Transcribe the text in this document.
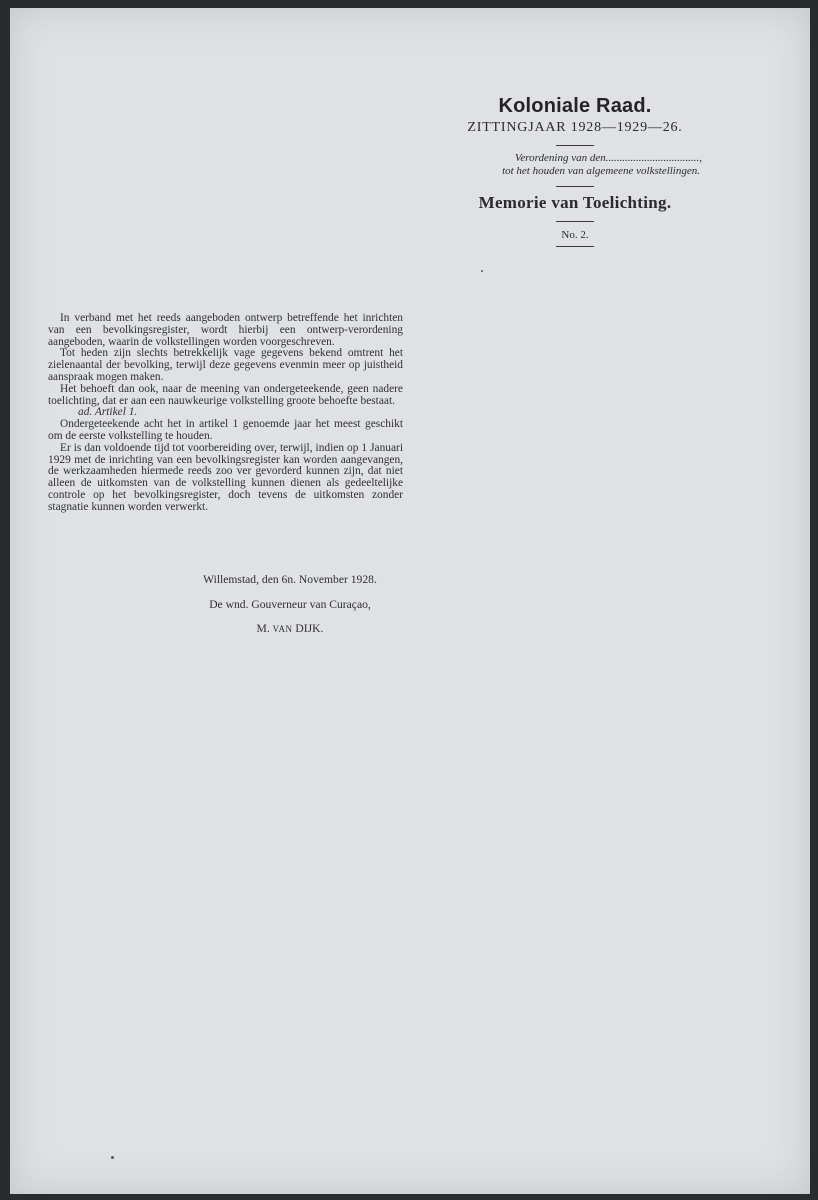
Koloniale Raad.
ZITTINGJAAR 1928—1929—26.
Verordening van den..................................,
tot het houden van algemeene volkstellingen.
Memorie van Toelichting.
No. 2.

In verband met het reeds aangeboden ontwerp betreffende het inrichten van een bevolkingsregister, wordt hierbij een ontwerp-verordening aangeboden, waarin de volkstellingen worden voorgeschreven.

Tot heden zijn slechts betrekkelijk vage gegevens bekend omtrent het zielenaantal der bevolking, terwijl deze gegevens evenmin meer op juistheid aanspraak mogen maken.

Het behoeft dan ook, naar de meening van ondergeteekende, geen nadere toelichting, dat er aan een nauwkeurige volkstelling groote behoefte bestaat.

ad. Artikel 1.

Ondergeteekende acht het in artikel 1 genoemde jaar het meest geschikt om de eerste volkstelling te houden.

Er is dan voldoende tijd tot voorbereiding over, terwijl, indien op 1 Januari 1929 met de inrichting van een bevolkingsregister kan worden aangevangen, de werkzaamheden hiermede reeds zoo ver gevorderd kunnen zijn, dat niet alleen de uitkomsten van de volkstelling kunnen dienen als gedeeltelijke controle op het bevolkingsregister, doch tevens de uitkomsten zonder stagnatie kunnen worden verwerkt.

Willemstad, den 6n. November 1928.
De wnd. Gouverneur van Curaçao,
M. VAN DIJK.
